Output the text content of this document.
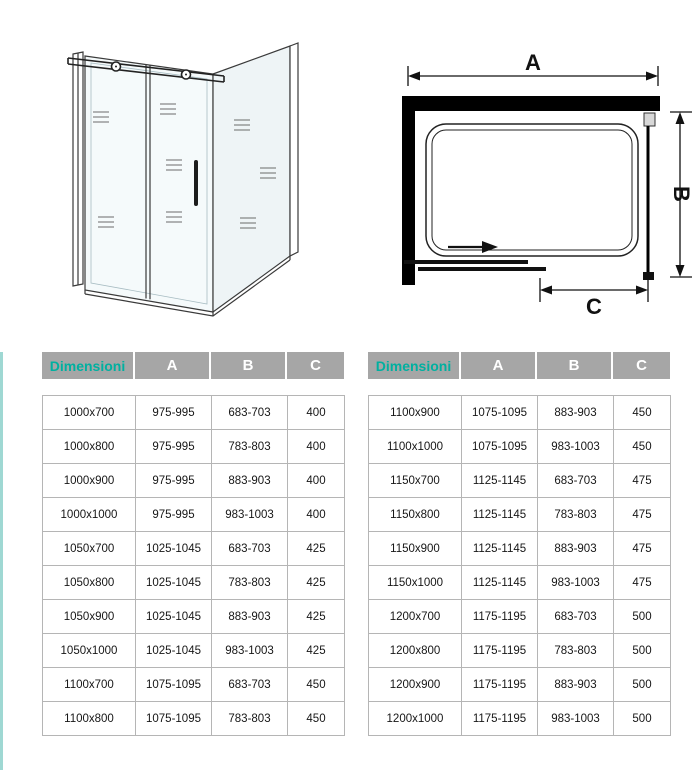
A
B
C
Dimensioni	A	B	C
1000x700	975-995	683-703	400
1000x800	975-995	783-803	400
1000x900	975-995	883-903	400
1000x1000	975-995	983-1003	400
1050x700	1025-1045	683-703	425
1050x800	1025-1045	783-803	425
1050x900	1025-1045	883-903	425
1050x1000	1025-1045	983-1003	425
1100x700	1075-1095	683-703	450
1100x800	1075-1095	783-803	450
Dimensioni	A	B	C
1100x900	1075-1095	883-903	450
1100x1000	1075-1095	983-1003	450
1150x700	1125-1145	683-703	475
1150x800	1125-1145	783-803	475
1150x900	1125-1145	883-903	475
1150x1000	1125-1145	983-1003	475
1200x700	1175-1195	683-703	500
1200x800	1175-1195	783-803	500
1200x900	1175-1195	883-903	500
1200x1000	1175-1195	983-1003	500
